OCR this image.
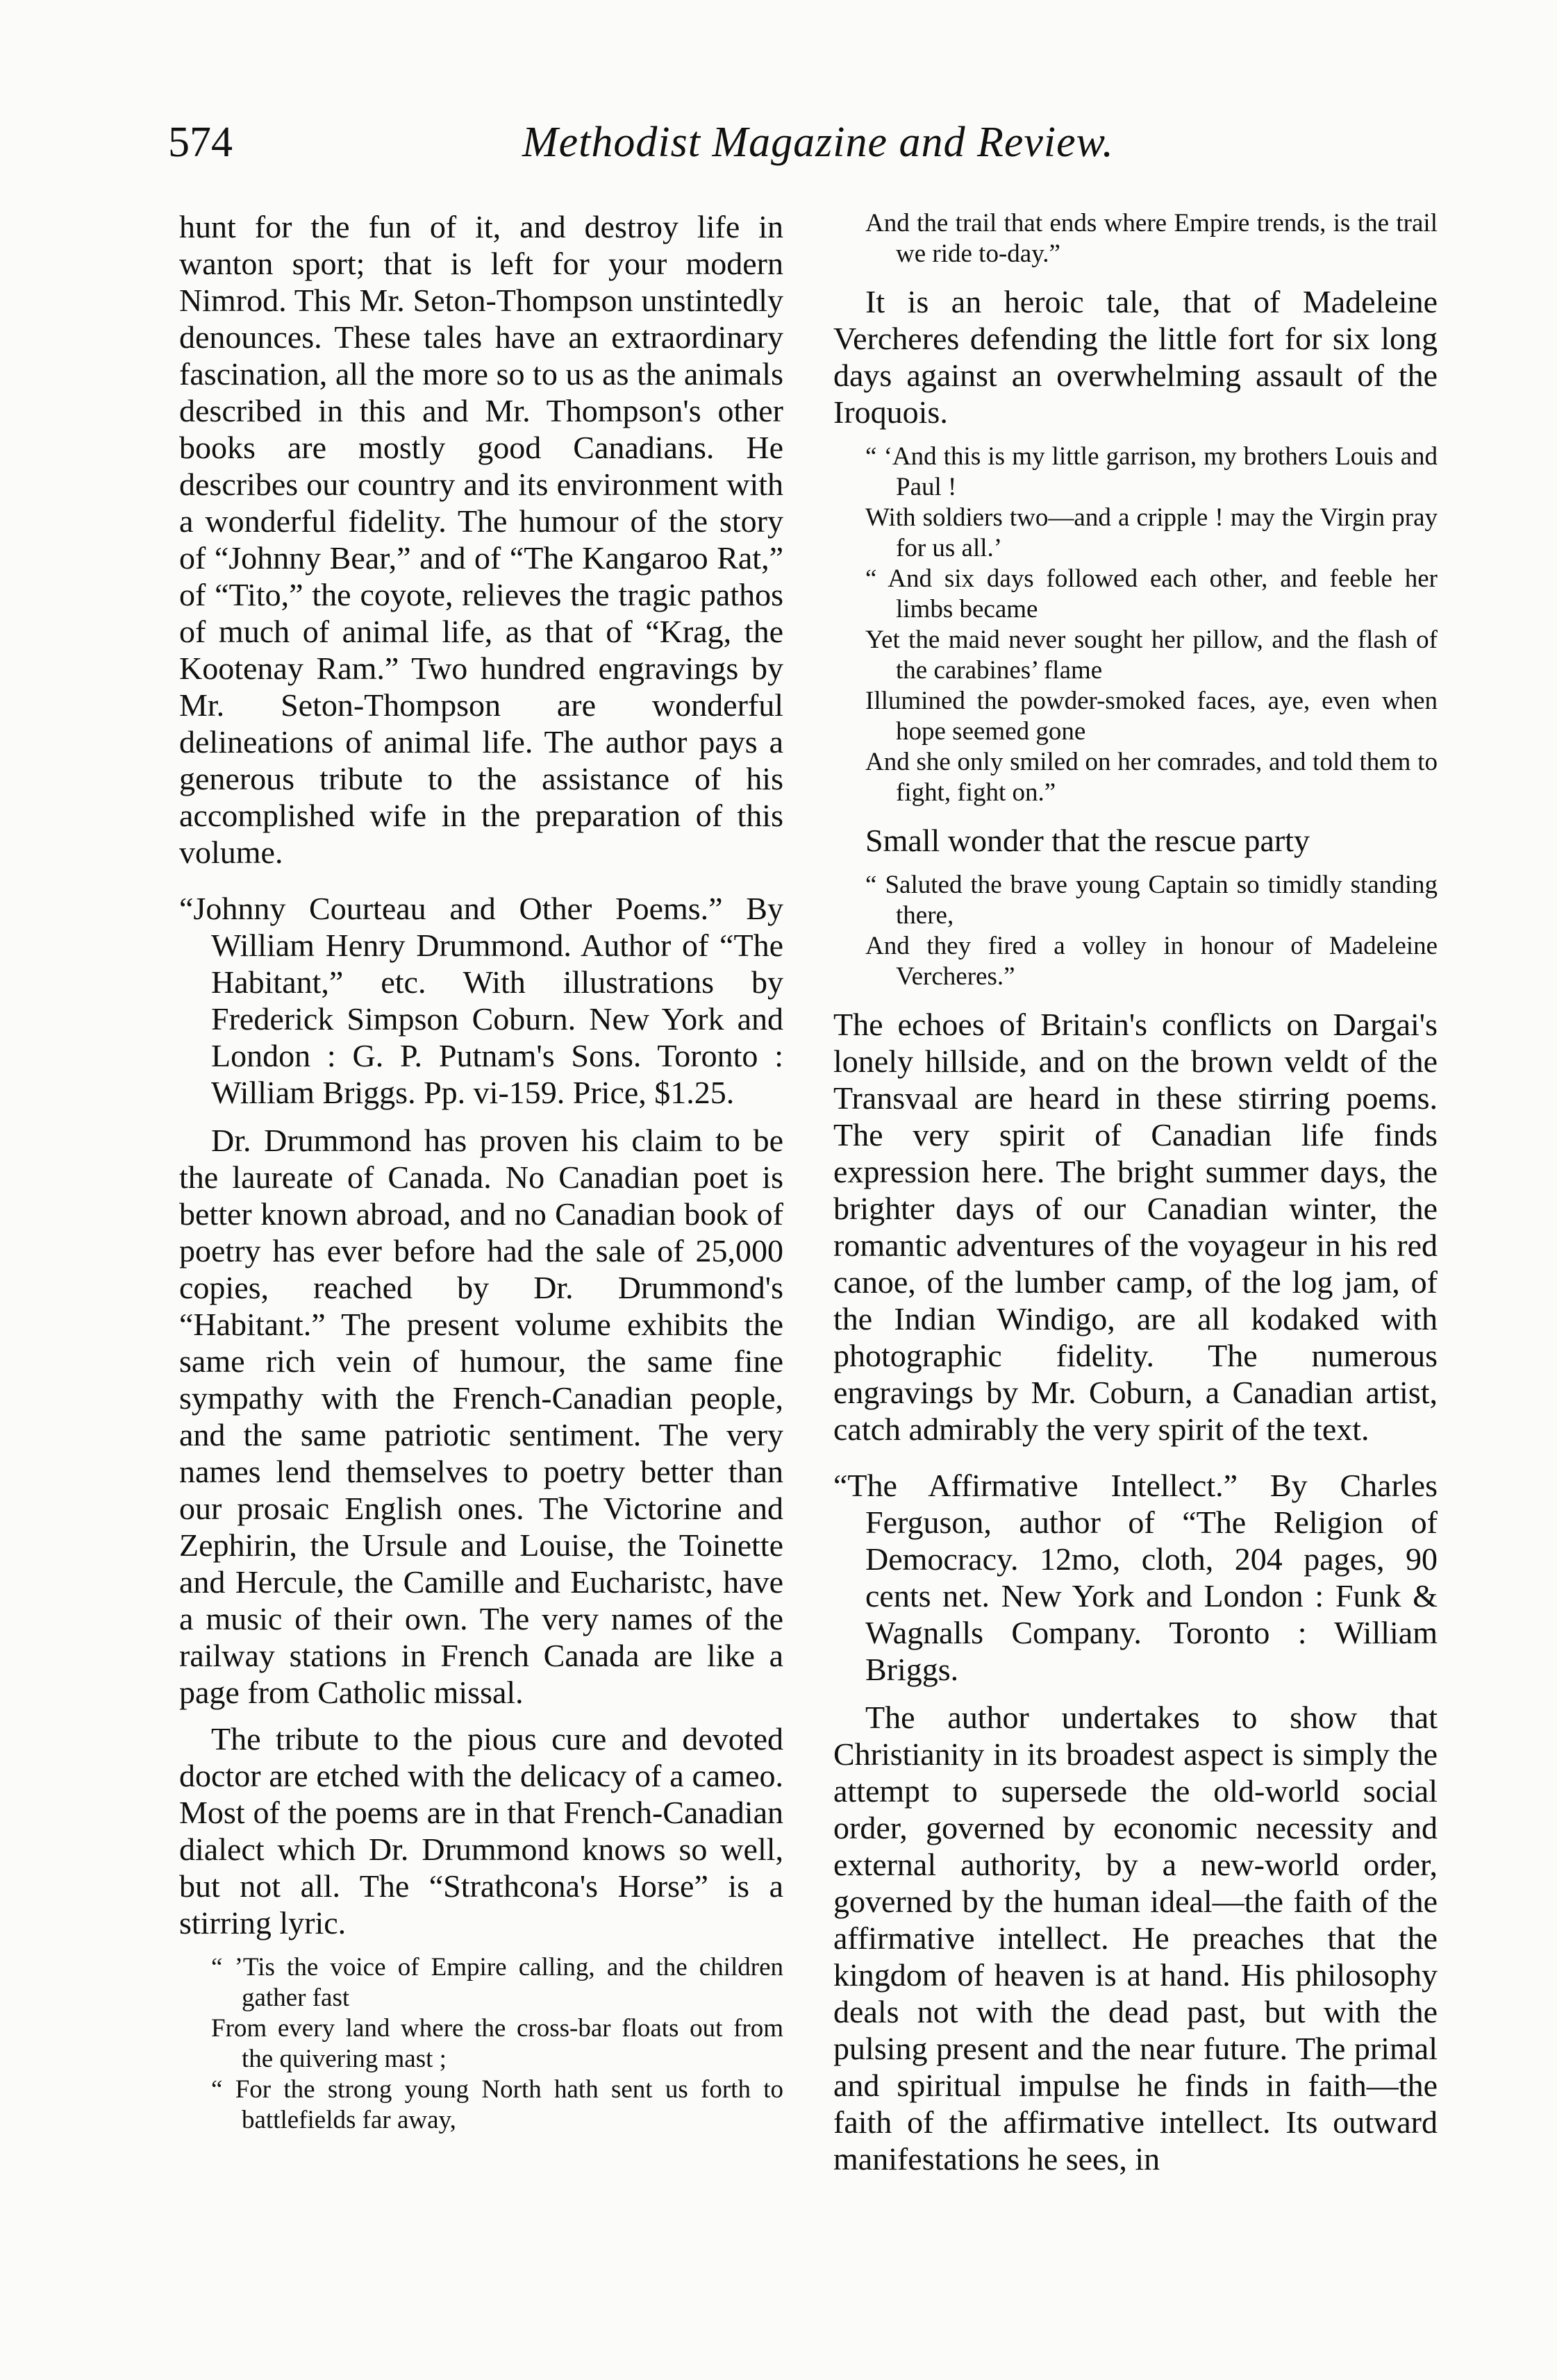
574	Methodist Magazine and Review.

hunt for the fun of it, and destroy life in wanton sport; that is left for your modern Nimrod. This Mr. Seton-Thompson unstintedly denounces. These tales have an extraordinary fascination, all the more so to us as the animals described in this and Mr. Thompson's other books are mostly good Canadians. He describes our country and its environment with a wonderful fidelity. The humour of the story of “Johnny Bear,” and of “The Kangaroo Rat,” of “Tito,” the coyote, relieves the tragic pathos of much of animal life, as that of “Krag, the Kootenay Ram.” Two hundred engravings by Mr. Seton-Thompson are wonderful delineations of animal life. The author pays a generous tribute to the assistance of his accomplished wife in the preparation of this volume.

“Johnny Courteau and Other Poems.” By William Henry Drummond. Author of “The Habitant,” etc. With illustrations by Frederick Simpson Coburn. New York and London : G. P. Putnam's Sons. Toronto : William Briggs. Pp. vi-159. Price, $1.25.

Dr. Drummond has proven his claim to be the laureate of Canada. No Canadian poet is better known abroad, and no Canadian book of poetry has ever before had the sale of 25,000 copies, reached by Dr. Drummond's “Habitant.” The present volume exhibits the same rich vein of humour, the same fine sympathy with the French-Canadian people, and the same patriotic sentiment. The very names lend themselves to poetry better than our prosaic English ones. The Victorine and Zephirin, the Ursule and Louise, the Toinette and Hercule, the Camille and Eucharistc, have a music of their own. The very names of the railway stations in French Canada are like a page from Catholic missal.

The tribute to the pious cure and devoted doctor are etched with the delicacy of a cameo. Most of the poems are in that French-Canadian dialect which Dr. Drummond knows so well, but not all. The “Strathcona's Horse” is a stirring lyric.

“ ’Tis the voice of Empire calling, and the children gather fast

From every land where the cross-bar floats out from the quivering mast ;

“ For the strong young North hath sent us forth to battlefields far away,

And the trail that ends where Empire trends, is the trail we ride to-day.”

It is an heroic tale, that of Madeleine Vercheres defending the little fort for six long days against an overwhelming assault of the Iroquois.

“ ‘And this is my little garrison, my brothers Louis and Paul !

With soldiers two—and a cripple ! may the Virgin pray for us all.’

“ And six days followed each other, and feeble her limbs became

Yet the maid never sought her pillow, and the flash of the carabines’ flame

Illumined the powder-smoked faces, aye, even when hope seemed gone

And she only smiled on her comrades, and told them to fight, fight on.”

Small wonder that the rescue party

“ Saluted the brave young Captain so timidly standing there,

And they fired a volley in honour of Madeleine Vercheres.”

The echoes of Britain's conflicts on Dargai's lonely hillside, and on the brown veldt of the Transvaal are heard in these stirring poems. The very spirit of Canadian life finds expression here. The bright summer days, the brighter days of our Canadian winter, the romantic adventures of the voyageur in his red canoe, of the lumber camp, of the log jam, of the Indian Windigo, are all kodaked with photographic fidelity. The numerous engravings by Mr. Coburn, a Canadian artist, catch admirably the very spirit of the text.

“The Affirmative Intellect.” By Charles Ferguson, author of “The Religion of Democracy. 12mo, cloth, 204 pages, 90 cents net. New York and London : Funk & Wagnalls Company. Toronto : William Briggs.

The author undertakes to show that Christianity in its broadest aspect is simply the attempt to supersede the old-world social order, governed by economic necessity and external authority, by a new-world order, governed by the human ideal—the faith of the affirmative intellect. He preaches that the kingdom of heaven is at hand. His philosophy deals not with the dead past, but with the pulsing present and the near future. The primal and spiritual impulse he finds in faith—the faith of the affirmative intellect. Its outward manifestations he sees, in
